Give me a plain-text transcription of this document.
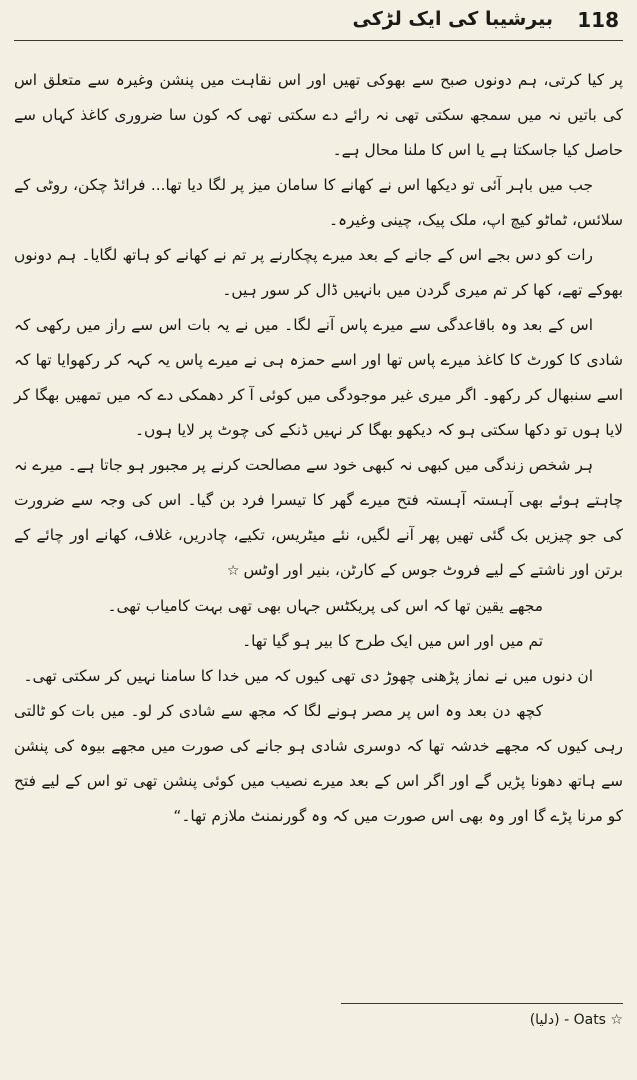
118
بیرشیبا کی ایک لڑکی

پر کیا کرتی، ہم دونوں صبح سے بھوکی تھیں اور اس نقاہت میں پنشن وغیرہ سے متعلق اس کی باتیں نہ میں سمجھ سکتی تھی نہ رائے دے سکتی تھی کہ کون سا ضروری کاغذ کہاں سے حاصل کیا جاسکتا ہے یا اس کا ملنا محال ہے۔

جب میں باہر آئی تو دیکھا اس نے کھانے کا سامان میز پر لگا دیا تھا... فرائڈ چکن، روٹی کے سلائس، ٹماٹو کیچ اپ، ملک پیک، چینی وغیرہ۔

رات کو دس بجے اس کے جانے کے بعد میرے پچکارنے پر تم نے کھانے کو ہاتھ لگایا۔ ہم دونوں بھوکے تھے، کھا کر تم میری گردن میں بانہیں ڈال کر سور ہیں۔

اس کے بعد وہ باقاعدگی سے میرے پاس آنے لگا۔ میں نے یہ بات اس سے راز میں رکھی کہ شادی کا کورٹ کا کاغذ میرے پاس تھا اور اسے حمزہ ہی نے میرے پاس یہ کہہ کر رکھوایا تھا کہ اسے سنبھال کر رکھو۔ اگر میری غیر موجودگی میں کوئی آ کر دھمکی دے کہ میں تمھیں بھگا کر لایا ہوں تو دکھا سکتی ہو کہ دیکھو بھگا کر نہیں ڈنکے کی چوٹ پر لایا ہوں۔

ہر شخص زندگی میں کبھی نہ کبھی خود سے مصالحت کرنے پر مجبور ہو جاتا ہے۔ میرے نہ چاہتے ہوئے بھی آہستہ آہستہ فتح میرے گھر کا تیسرا فرد بن گیا۔ اس کی وجہ سے ضرورت کی جو چیزیں بک گئی تھیں پھر آنے لگیں، نئے میٹریس، تکیے، چادریں، غلاف، کھانے اور چائے کے برتن اور ناشتے کے لیے فروٹ جوس کے کارٹن، بنیر اور اوٹس☆

مجھے یقین تھا کہ اس کی پریکٹس جہاں بھی تھی بہت کامیاب تھی۔

تم میں اور اس میں ایک طرح کا بیر ہو گیا تھا۔

ان دنوں میں نے نماز پڑھنی چھوڑ دی تھی کیوں کہ میں خدا کا سامنا نہیں کر سکتی تھی۔

کچھ دن بعد وہ اس پر مصر ہونے لگا کہ مجھ سے شادی کر لو۔ میں بات کو ٹالتی رہی کیوں کہ مجھے خدشہ تھا کہ دوسری شادی ہو جانے کی صورت میں مجھے بیوہ کی پنشن سے ہاتھ دھونا پڑیں گے اور اگر اس کے بعد میرے نصیب میں کوئی پنشن تھی تو اس کے لیے فتح کو مرنا پڑے گا اور وہ بھی اس صورت میں کہ وہ گورنمنٹ ملازم تھا۔“

☆ Oats - (دلیا)
